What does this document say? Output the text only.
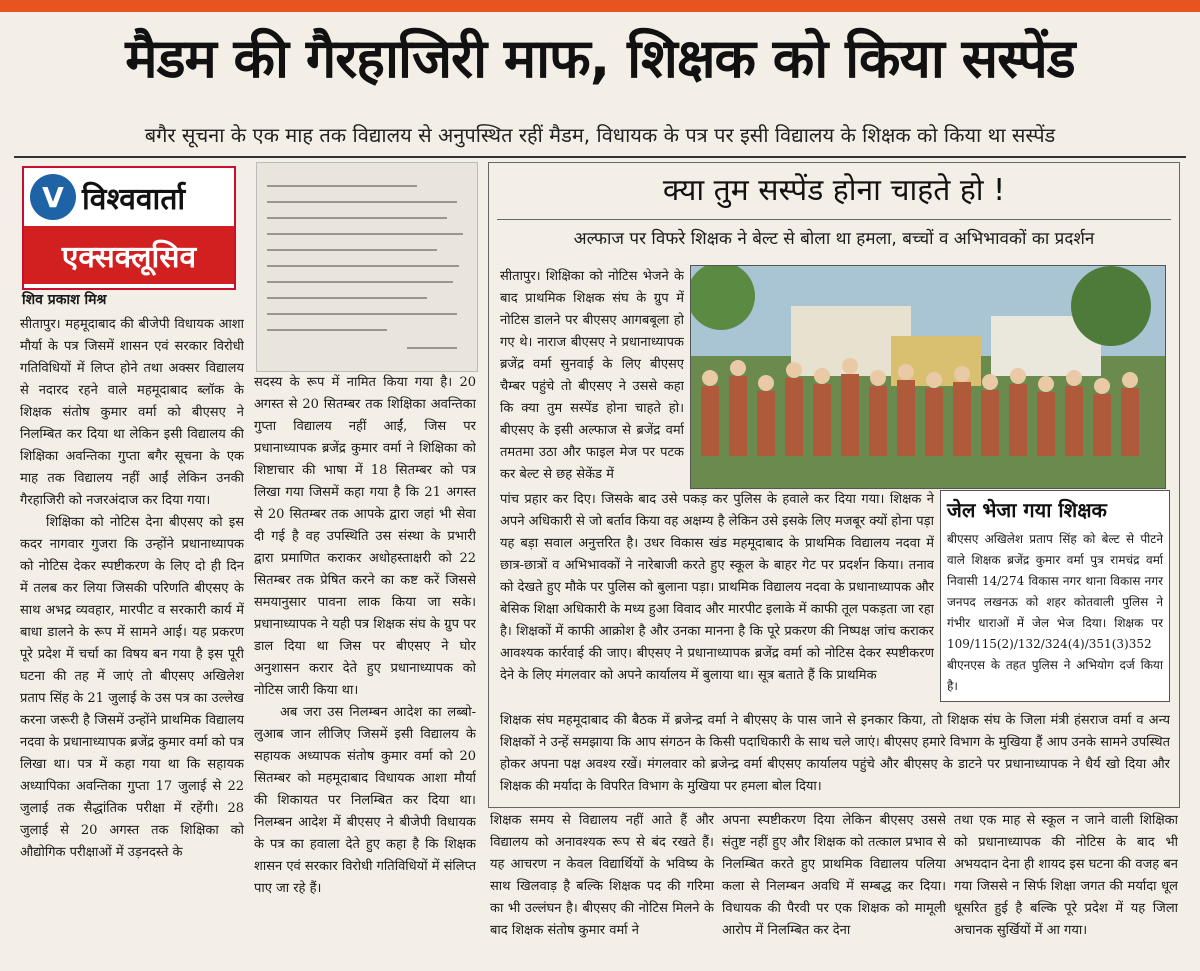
मैडम की गैरहाजिरी माफ, शिक्षक को किया सस्पेंड
बगैर सूचना के एक माह तक विद्यालय से अनुपस्थित रहीं मैडम, विधायक के पत्र पर इसी विद्यालय के शिक्षक को किया था सस्पेंड
V विश्ववार्ता
एक्सक्लूसिव
शिव प्रकाश मिश्र

सीतापुर। महमूदाबाद की बीजेपी विधायक आशा मौर्या के पत्र जिसमें शासन एवं सरकार विरोधी गतिविधियों में लिप्त होने तथा अक्सर विद्यालय से नदारद रहने वाले महमूदाबाद ब्लॉक के शिक्षक संतोष कुमार वर्मा को बीएसए ने निलम्बित कर दिया था लेकिन इसी विद्यालय की शिक्षिका अवन्तिका गुप्ता बगैर सूचना के एक माह तक विद्यालय नहीं आईं लेकिन उनकी गैरहाजिरी को नजरअंदाज कर दिया गया।

शिक्षिका को नोटिस देना बीएसए को इस कदर नागवार गुजरा कि उन्होंने प्रधानाध्यापक को नोटिस देकर स्पष्टीकरण के लिए दो ही दिन में तलब कर लिया जिसकी परिणति बीएसए के साथ अभद्र व्यवहार, मारपीट व सरकारी कार्य में बाधा डालने के रूप में सामने आई। यह प्रकरण पूरे प्रदेश में चर्चा का विषय बन गया है इस पूरी घटना की तह में जाएं तो बीएसए अखिलेश प्रताप सिंह के 21 जुलाई के उस पत्र का उल्लेख करना जरूरी है जिसमें उन्होंने प्राथमिक विद्यालय नदवा के प्रधानाध्यापक ब्रजेंद्र कुमार वर्मा को पत्र लिखा था। पत्र में कहा गया था कि सहायक अध्यापिका अवन्तिका गुप्ता 17 जुलाई से 22 जुलाई तक सैद्धांतिक परीक्षा में रहेंगी। 28 जुलाई से 20 अगस्त तक शिक्षिका को औद्योगिक परीक्षाओं में उड़नदस्ते के

सदस्य के रूप में नामित किया गया है। 20 अगस्त से 20 सितम्बर तक शिक्षिका अवन्तिका गुप्ता विद्यालय नहीं आईं, जिस पर प्रधानाध्यापक ब्रजेंद्र कुमार वर्मा ने शिक्षिका को शिष्टाचार की भाषा में 18 सितम्बर को पत्र लिखा गया जिसमें कहा गया है कि 21 अगस्त से 20 सितम्बर तक आपके द्वारा जहां भी सेवा दी गई है वह उपस्थिति उस संस्था के प्रभारी द्वारा प्रमाणित कराकर अधोहस्ताक्षरी को 22 सितम्बर तक प्रेषित करने का कष्ट करें जिससे समयानुसार पावना लाक किया जा सके। प्रधानाध्यापक ने यही पत्र शिक्षक संघ के ग्रुप पर डाल दिया था जिस पर बीएसए ने घोर अनुशासन करार देते हुए प्रधानाध्यापक को नोटिस जारी किया था।

अब जरा उस निलम्बन आदेश का लब्बो-लुआब जान लीजिए जिसमें इसी विद्यालय के सहायक अध्यापक संतोष कुमार वर्मा को 20 सितम्बर को महमूदाबाद विधायक आशा मौर्या की शिकायत पर निलम्बित कर दिया था। निलम्बन आदेश में बीएसए ने बीजेपी विधायक के पत्र का हवाला देते हुए कहा है कि शिक्षक शासन एवं सरकार विरोधी गतिविधियों में संलिप्त पाए जा रहे हैं।

क्या तुम सस्पेंड होना चाहते हो !
अल्फाज पर विफरे शिक्षक ने बेल्ट से बोला था हमला, बच्चों व अभिभावकों का प्रदर्शन

सीतापुर। शिक्षिका को नोटिस भेजने के बाद प्राथमिक शिक्षक संघ के ग्रुप में नोटिस डालने पर बीएसए आगबबूला हो गए थे। नाराज बीएसए ने प्रधानाध्यापक ब्रजेंद्र वर्मा सुनवाई के लिए बीएसए चैम्बर पहुंचे तो बीएसए ने उससे कहा कि क्या तुम सस्पेंड होना चाहते हो। बीएसए के इसी अल्फाज से ब्रजेंद्र वर्मा तमतमा उठा और फाइल मेज पर पटक कर बेल्ट से छह सेकेंड में

पांच प्रहार कर दिए। जिसके बाद उसे पकड़ कर पुलिस के हवाले कर दिया गया। शिक्षक ने अपने अधिकारी से जो बर्ताव किया वह अक्षम्य है लेकिन उसे इसके लिए मजबूर क्यों होना पड़ा यह बड़ा सवाल अनुत्तरित है। उधर विकास खंड महमूदाबाद के प्राथमिक विद्यालय नदवा में छात्र-छात्रों व अभिभावकों ने नारेबाजी करते हुए स्कूल के बाहर गेट पर प्रदर्शन किया। तनाव को देखते हुए मौके पर पुलिस को बुलाना पड़ा। प्राथमिक विद्यालय नदवा के प्रधानाध्यापक और बेसिक शिक्षा अधिकारी के मध्य हुआ विवाद और मारपीट इलाके में काफी तूल पकड़ता जा रहा है। शिक्षकों में काफी आक्रोश है और उनका मानना है कि पूरे प्रकरण की निष्पक्ष जांच कराकर आवश्यक कार्रवाई की जाए। बीएसए ने प्रधानाध्यापक ब्रजेंद्र वर्मा को नोटिस देकर स्पष्टीकरण देने के लिए मंगलवार को अपने कार्यालय में बुलाया था। सूत्र बताते हैं कि प्राथमिक

जेल भेजा गया शिक्षक
बीएसए अखिलेश प्रताप सिंह को बेल्ट से पीटने वाले शिक्षक ब्रजेंद्र कुमार वर्मा पुत्र रामचंद्र वर्मा निवासी 14/274 विकास नगर थाना विकास नगर जनपद लखनऊ को शहर कोतवाली पुलिस ने गंभीर धाराओं में जेल भेज दिया। शिक्षक पर 109/115(2)/132/324(4)/351(3)352 बीएनएस के तहत पुलिस ने अभियोग दर्ज किया है।

शिक्षक संघ महमूदाबाद की बैठक में ब्रजेन्द्र वर्मा ने बीएसए के पास जाने से इनकार किया, तो शिक्षक संघ के जिला मंत्री हंसराज वर्मा व अन्य शिक्षकों ने उन्हें समझाया कि आप संगठन के किसी पदाधिकारी के साथ चले जाएं। बीएसए हमारे विभाग के मुखिया हैं आप उनके सामने उपस्थित होकर अपना पक्ष अवश्य रखें। मंगलवार को ब्रजेन्द्र वर्मा बीएसए कार्यालय पहुंचे और बीएसए के डाटने पर प्रधानाध्यापक ने धैर्य खो दिया और शिक्षक की मर्यादा के विपरित विभाग के मुखिया पर हमला बोल दिया।

शिक्षक समय से विद्यालय नहीं आते हैं और विद्यालय को अनावश्यक रूप से बंद रखते हैं। यह आचरण न केवल विद्यार्थियों के भविष्य के साथ खिलवाड़ है बल्कि शिक्षक पद की गरिमा का भी उल्लंघन है। बीएसए की नोटिस मिलने के बाद शिक्षक संतोष कुमार वर्मा ने

अपना स्पष्टीकरण दिया लेकिन बीएसए उससे संतुष्ट नहीं हुए और शिक्षक को तत्काल प्रभाव से निलम्बित करते हुए प्राथमिक विद्यालय पलिया कला से निलम्बन अवधि में सम्बद्ध कर दिया। विधायक की पैरवी पर एक शिक्षक को मामूली आरोप में निलम्बित कर देना

तथा एक माह से स्कूल न जाने वाली शिक्षिका को प्रधानाध्यापक की नोटिस के बाद भी अभयदान देना ही शायद इस घटना की वजह बन गया जिससे न सिर्फ शिक्षा जगत की मर्यादा धूल धूसरित हुई है बल्कि पूरे प्रदेश में यह जिला अचानक सुर्खियों में आ गया।
